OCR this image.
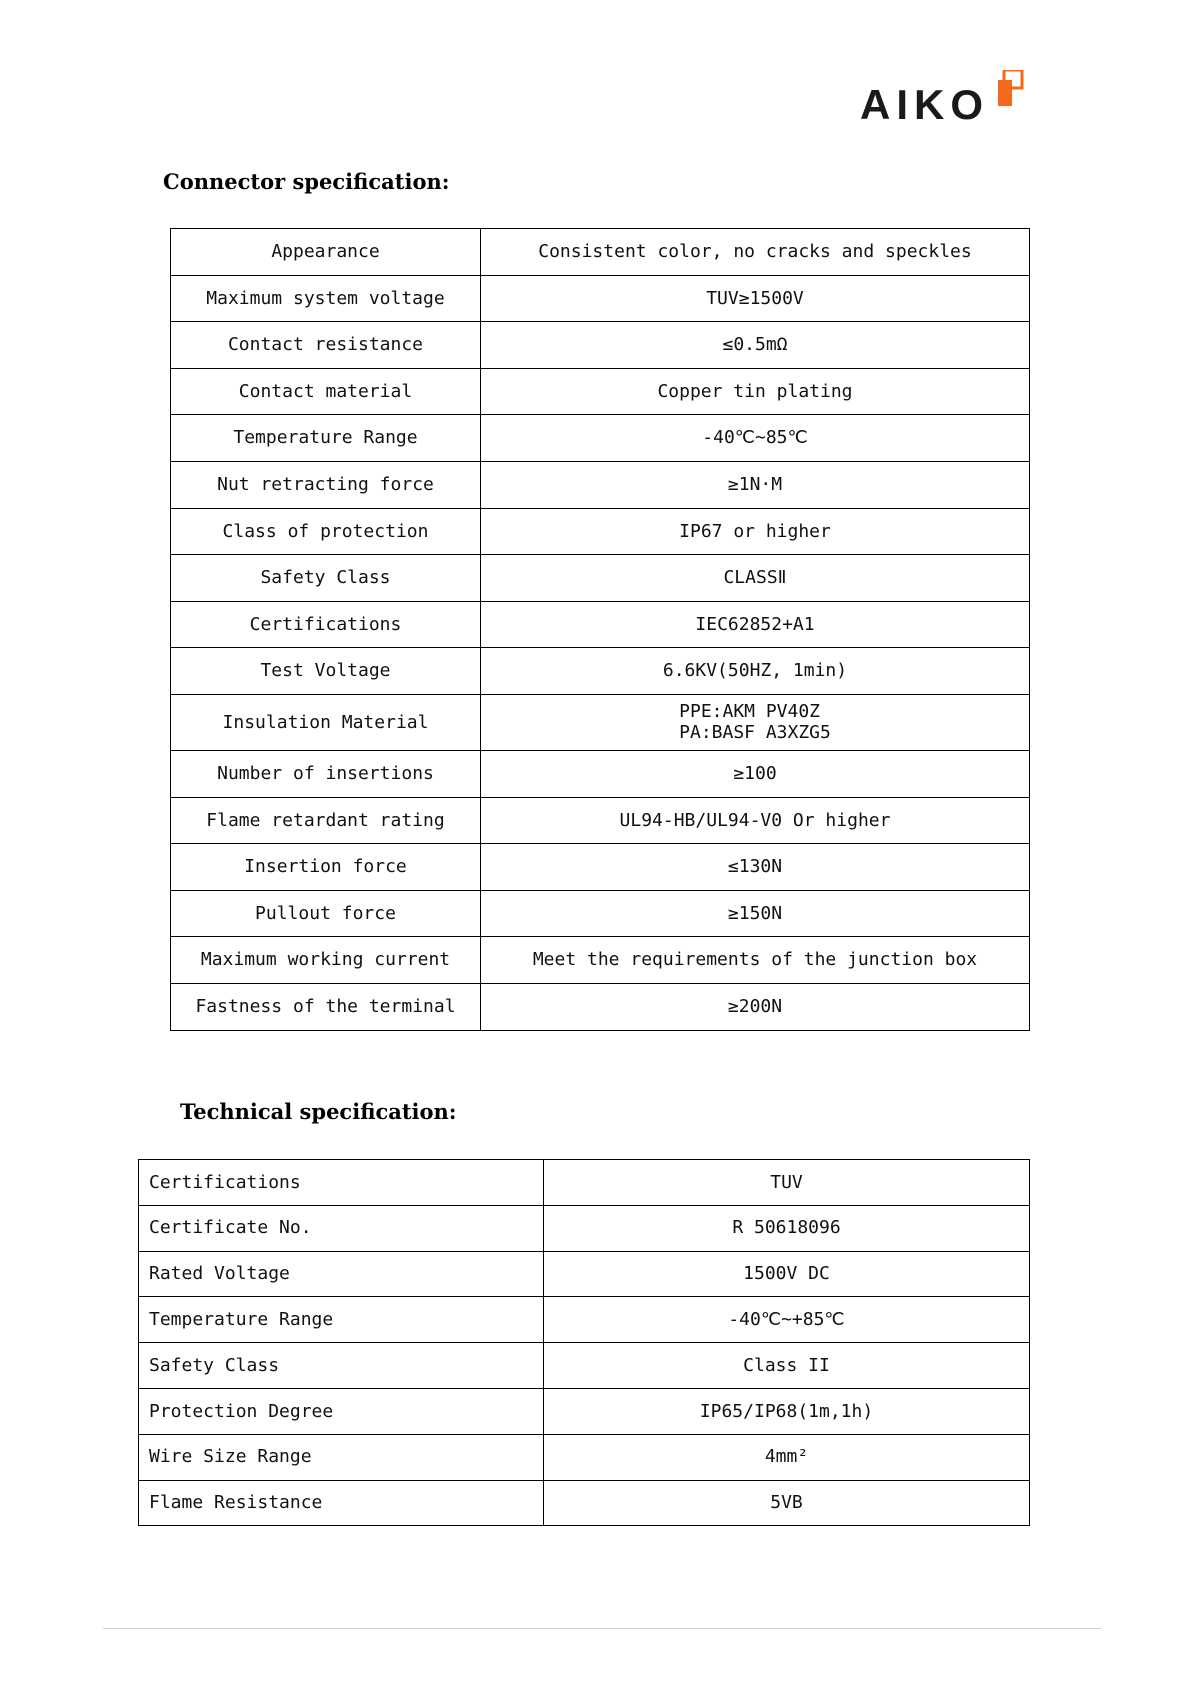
AIKO
Connector specification:
Appearance	Consistent color, no cracks and speckles
Maximum system voltage	TUV≥1500V
Contact resistance	≤0.5mΩ
Contact material	Copper tin plating
Temperature Range	-40℃~85℃
Nut retracting force	≥1N·M
Class of protection	IP67 or higher
Safety Class	CLASSⅡ
Certifications	IEC62852+A1
Test Voltage	6.6KV(50HZ, 1min)
Insulation Material	PPE:AKM PV40Z
PA:BASF A3XZG5

Number of insertions	≥100
Flame retardant rating	UL94-HB/UL94-V0 Or higher
Insertion force	≤130N
Pullout force	≥150N
Maximum working current	Meet the requirements of the junction box
Fastness of the terminal	≥200N
Technical specification:
Certifications	TUV
Certificate No.	R 50618096
Rated Voltage	1500V DC
Temperature Range	-40℃~+85℃
Safety Class	Class II
Protection Degree	IP65/IP68(1m,1h)
Wire Size Range	4mm²
Flame Resistance	5VB
